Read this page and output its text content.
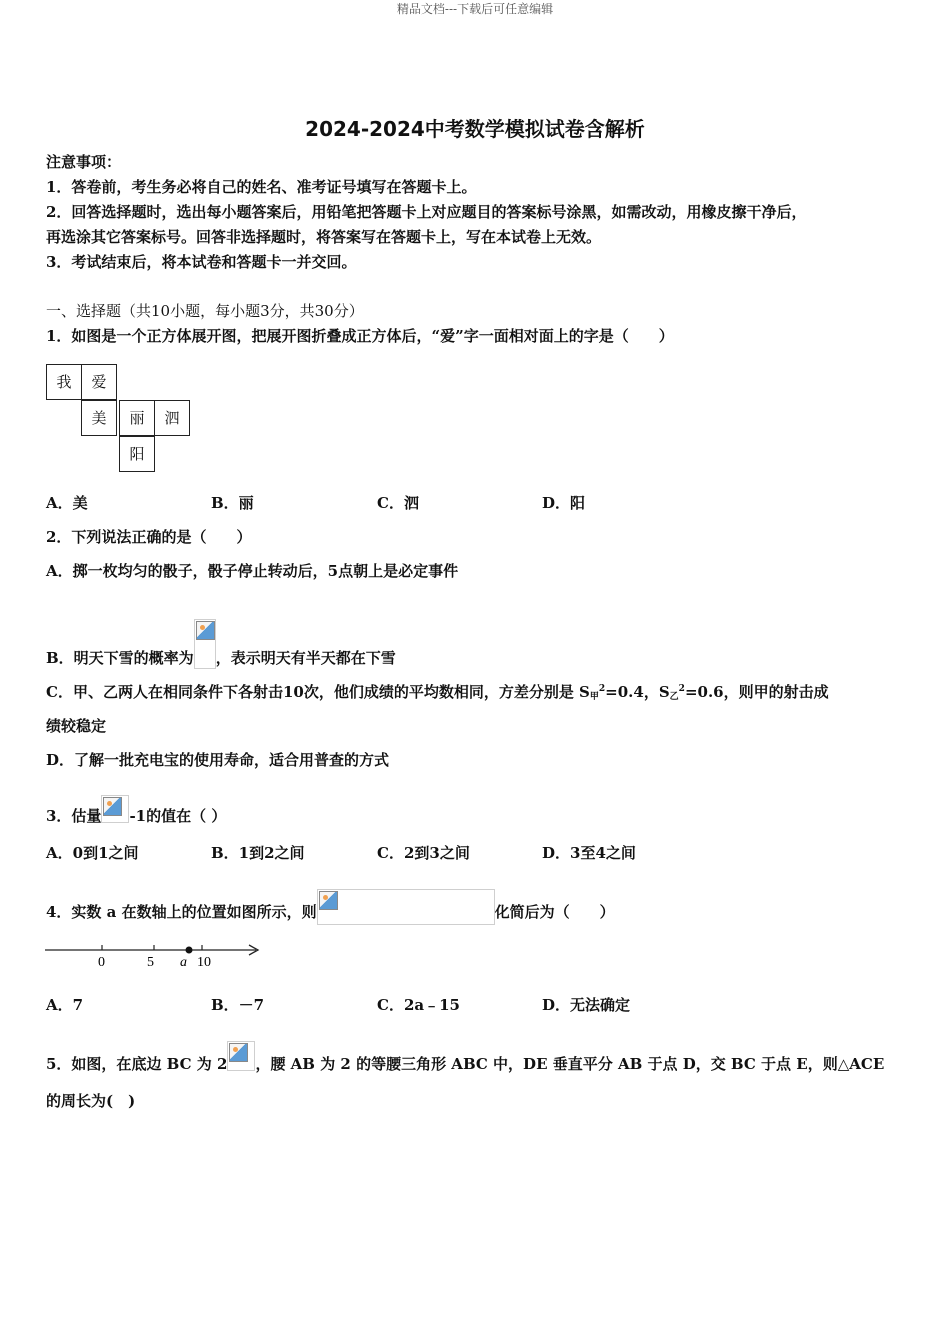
精品文档---下载后可任意编辑
2024-2024中考数学模拟试卷含解析
注意事项：
1．答卷前，考生务必将自己的姓名、准考证号填写在答题卡上。
2．回答选择题时，选出每小题答案后，用铅笔把答题卡上对应题目的答案标号涂黑，如需改动，用橡皮擦干净后，
再选涂其它答案标号。回答非选择题时，将答案写在答题卡上，写在本试卷上无效。
3．考试结束后，将本试卷和答题卡一并交回。
一、选择题（共10小题，每小题3分，共30分）
1．如图是一个正方体展开图，把展开图折叠成正方体后，“爱”字一面相对面上的字是（　　）
我	爱
美	丽	泗
阳
A．美	B．丽	C．泗	D．阳
2．下列说法正确的是（　　）
A．掷一枚均匀的骰子，骰子停止转动后，5点朝上是必定事件
B．明天下雪的概率为 ，表示明天有半天都在下雪
C．甲、乙两人在相同条件下各射击10次，他们成绩的平均数相同，方差分别是 S甲$^2$=0.4，S乙$^2$=0.6，则甲的射击成
绩较稳定
D．了解一批充电宝的使用寿命，适合用普查的方式
3．估量 -1的值在（ ）
A．0到1之间	B．1到2之间	C．2到3之间	D．3至4之间
4．实数 a 在数轴上的位置如图所示，则	化简后为（　　）
0	5 a 10
A．7	B．－7	C．2a﹣15	D．无法确定
5．如图，在底边 BC 为 2 ，腰 AB 为 2 的等腰三角形 ABC 中，DE 垂直平分 AB 于点 D，交 BC 于点 E，则△ACE
的周长为(　)
